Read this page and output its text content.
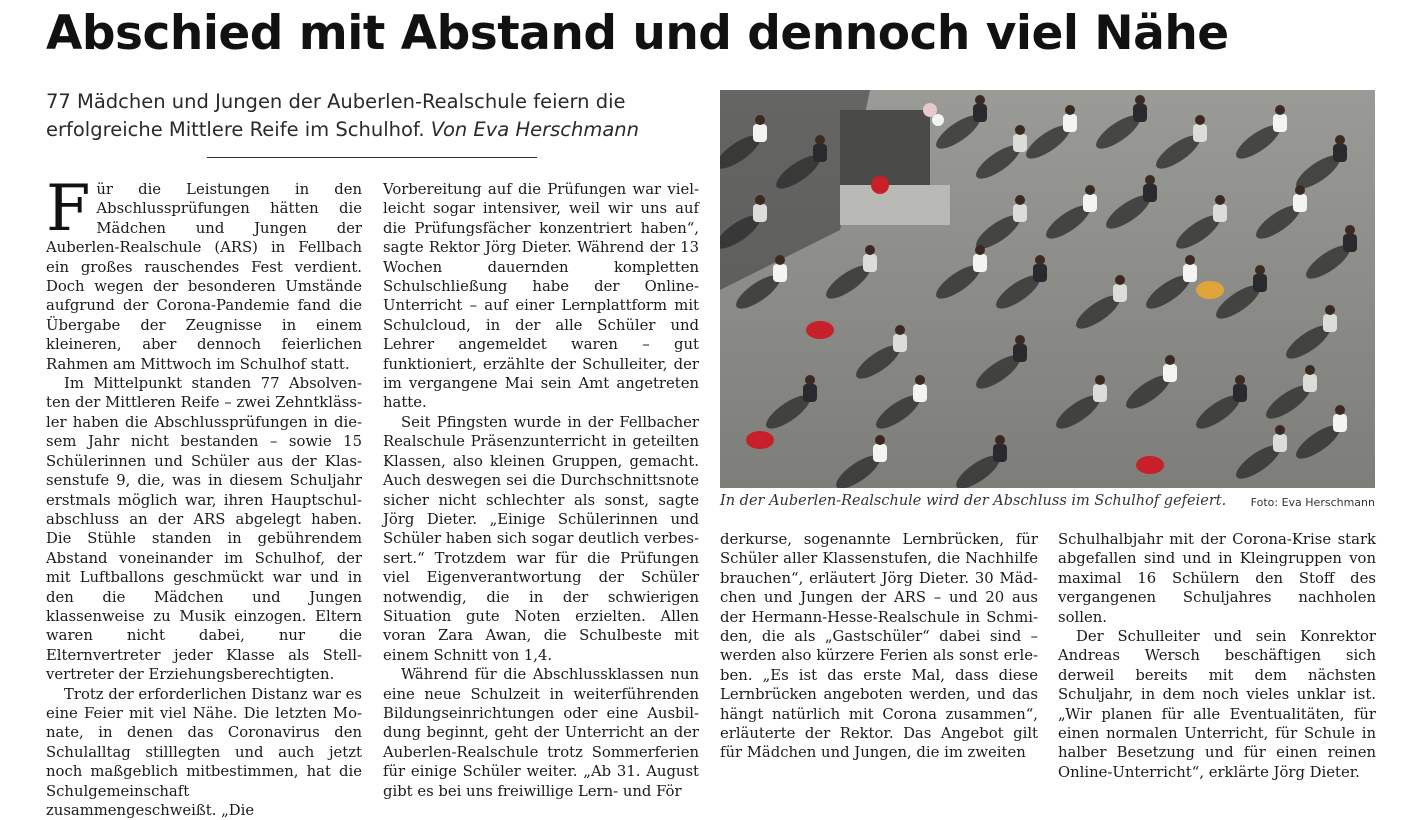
Abschied mit Abstand und dennoch viel Nähe
77 Mädchen und Jungen der Auberlen-Realschule feiern die erfolgreiche Mittlere Reife im Schulhof. Von Eva Herschmann

Für die Leistungen in den Abschlussprüfungen hätten die Mädchen und Jungen der Auberlen-Realschule (ARS) in Fellbach ein großes rauschendes Fest verdient. Doch wegen der besonderen Umstände aufgrund der Corona-Pandemie fand die Übergabe der Zeugnisse in einem kleineren, aber dennoch feierlichen Rahmen am Mittwoch im Schulhof statt.

Im Mittelpunkt standen 77 Absolventen der Mittleren Reife – zwei Zehntklässler haben die Abschlussprüfungen in diesem Jahr nicht bestanden – sowie 15 Schülerinnen und Schüler aus der Klassenstufe 9, die, was in diesem Schuljahr erstmals möglich war, ihren Hauptschulabschluss an der ARS abgelegt haben. Die Stühle standen in gebührendem Abstand voneinander im Schulhof, der mit Luftballons geschmückt war und in den die Mädchen und Jungen klassenweise zu Musik einzogen. Eltern waren nicht dabei, nur die Elternvertreter jeder Klasse als Stellvertreter der Erziehungsberechtigten.

Trotz der erforderlichen Distanz war es eine Feier mit viel Nähe. Die letzten Monate, in denen das Coronavirus den Schulalltag stilllegten und auch jetzt noch maßgeblich mitbestimmen, hat die Schulgemeinschaft zusammengeschweißt. „Die

Vorbereitung auf die Prüfungen war vielleicht sogar intensiver, weil wir uns auf die Prüfungsfächer konzentriert haben“, sagte Rektor Jörg Dieter. Während der 13 Wochen dauernden kompletten Schulschließung habe der Online-Unterricht – auf einer Lernplattform mit Schulcloud, in der alle Schüler und Lehrer angemeldet waren – gut funktioniert, erzählte der Schulleiter, der im vergangene Mai sein Amt angetreten hatte.

Seit Pfingsten wurde in der Fellbacher Realschule Präsenzunterricht in geteilten Klassen, also kleinen Gruppen, gemacht. Auch deswegen sei die Durchschnittsnote sicher nicht schlechter als sonst, sagte Jörg Dieter. „Einige Schülerinnen und Schüler haben sich sogar deutlich verbessert.“ Trotzdem war für die Prüfungen viel Eigenverantwortung der Schüler notwendig, die in der schwierigen Situation gute Noten erzielten. Allen voran Zara Awan, die Schulbeste mit einem Schnitt von 1,4.

Während für die Abschlussklassen nun eine neue Schulzeit in weiterführenden Bildungseinrichtungen oder eine Ausbildung beginnt, geht der Unterricht an der Auberlen-Realschule trotz Sommerferien für einige Schüler weiter. „Ab 31. August gibt es bei uns freiwillige Lern- und För

In der Auberlen-Realschule wird der Abschluss im Schulhof gefeiert.	Foto: Eva Herschmann

derkurse, sogenannte Lernbrücken, für Schüler aller Klassenstufen, die Nachhilfe brauchen“, erläutert Jörg Dieter. 30 Mädchen und Jungen der ARS – und 20 aus der Hermann-Hesse-Realschule in Schmiden, die als „Gastschüler“ dabei sind – werden also kürzere Ferien als sonst erleben. „Es ist das erste Mal, dass diese Lernbrücken angeboten werden, und das hängt natürlich mit Corona zusammen“, erläuterte der Rektor. Das Angebot gilt für Mädchen und Jungen, die im zweiten

Schulhalbjahr mit der Corona-Krise stark abgefallen sind und in Kleingruppen von maximal 16 Schülern den Stoff des vergangenen Schuljahres nachholen sollen.

Der Schulleiter und sein Konrektor Andreas Wersch beschäftigen sich derweil bereits mit dem nächsten Schuljahr, in dem noch vieles unklar ist. „Wir planen für alle Eventualitäten, für einen normalen Unterricht, für Schule in halber Besetzung und für einen reinen Online-Unterricht“, erklärte Jörg Dieter.
